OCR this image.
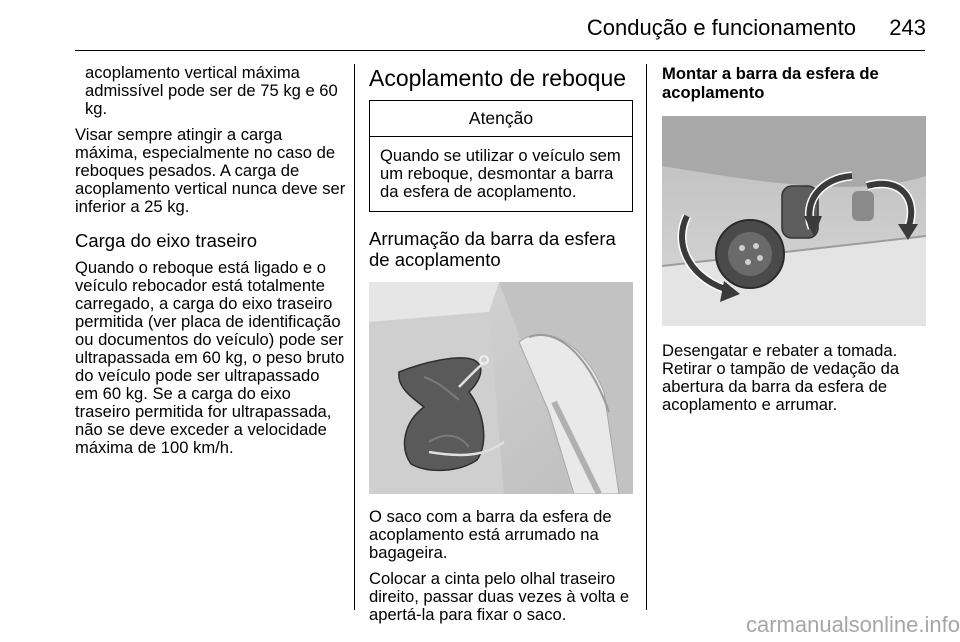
Condução e funcionamento	243

acoplamento vertical máxima admissível pode ser de 75 kg e 60 kg.

Visar sempre atingir a carga máxima, especialmente no caso de reboques pesados. A carga de acoplamento vertical nunca deve ser inferior a 25 kg.

Carga do eixo traseiro

Quando o reboque está ligado e o veículo rebocador está totalmente carregado, a carga do eixo traseiro permitida (ver placa de identificação ou documentos do veículo) pode ser ultrapassada em 60 kg, o peso bruto do veículo pode ser ultrapassado em 60 kg. Se a carga do eixo traseiro permitida for ultrapassada, não se deve exceder a velocidade máxima de 100 km/h.

Acoplamento de reboque
Atenção
Quando se utilizar o veículo sem um reboque, desmontar a barra da esfera de acoplamento.
Arrumação da barra da esfera de acoplamento

O saco com a barra da esfera de acoplamento está arrumado na bagageira.

Colocar a cinta pelo olhal traseiro direito, passar duas vezes à volta e apertá-la para fixar o saco.

Montar a barra da esfera de acoplamento

Desengatar e rebater a tomada. Retirar o tampão de vedação da abertura da barra da esfera de acoplamento e arrumar.

carmanualsonline.info
